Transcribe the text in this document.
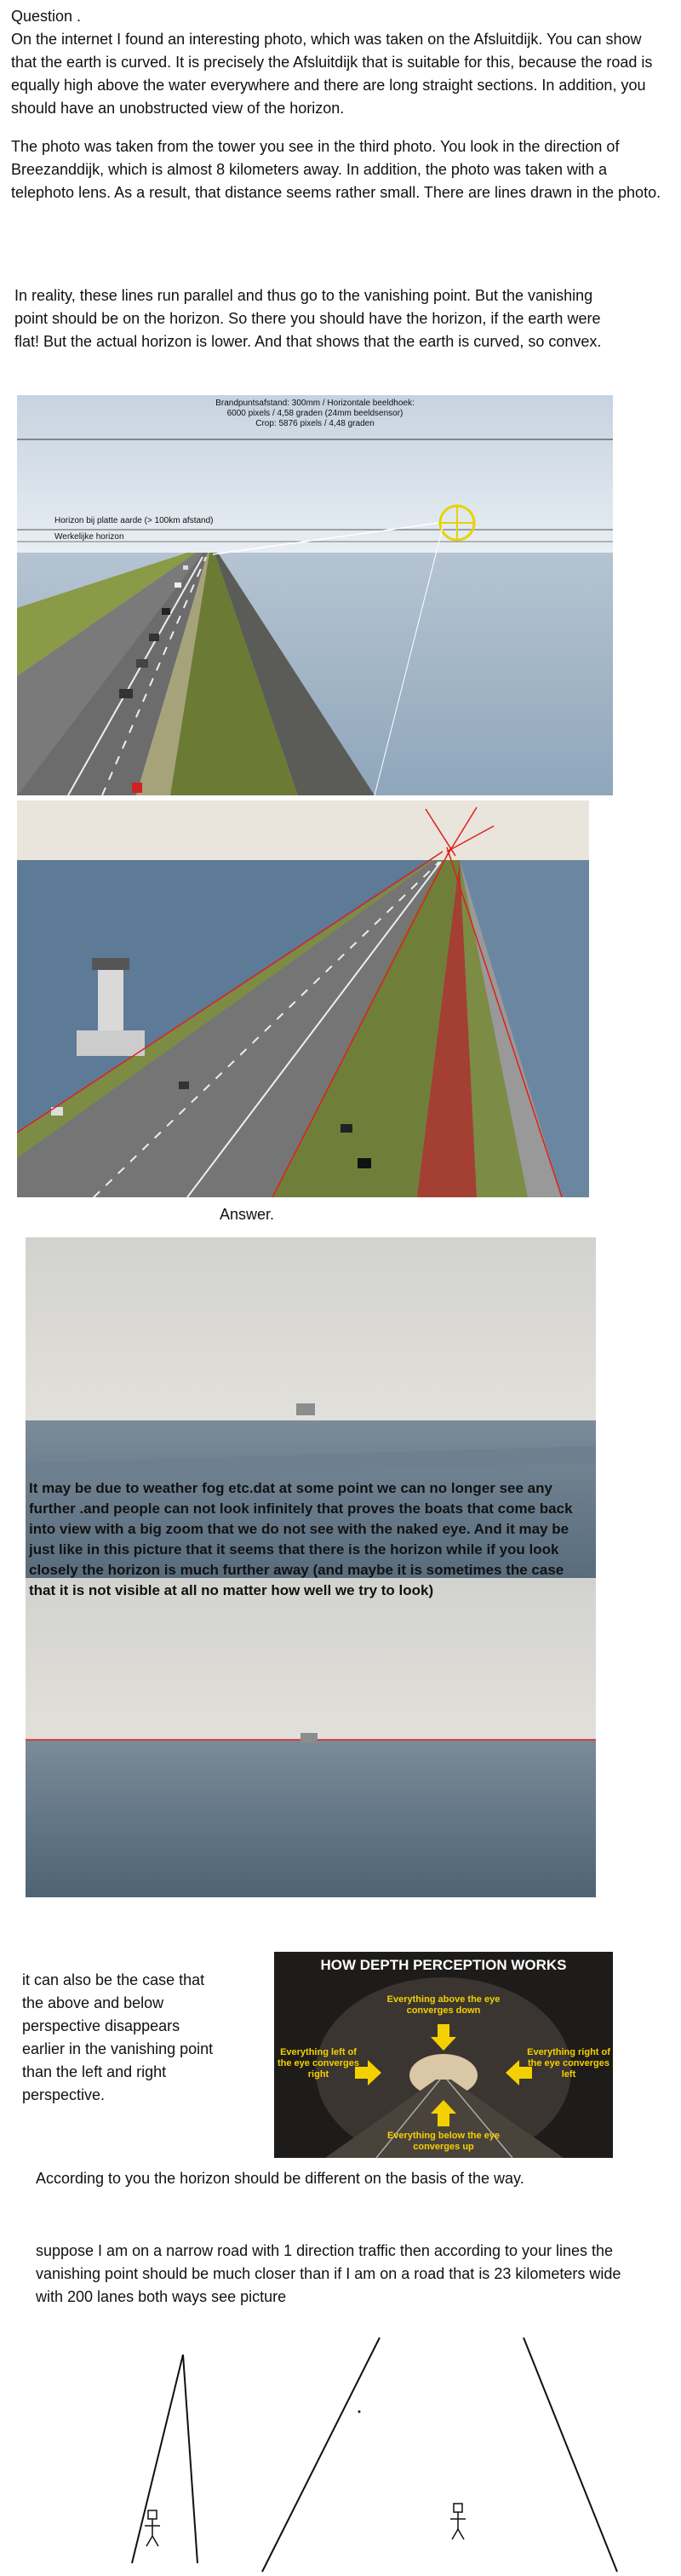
Question .

On the internet I found an interesting photo, which was taken on the Afsluitdijk. You can show that the earth is curved. It is precisely the Afsluitdijk that is suitable for this, because the road is equally high above the water everywhere and there are long straight sections. In addition, you should have an unobstructed view of the horizon.

The photo was taken from the tower you see in the third photo. You look in the direction of Breezanddijk, which is almost 8 kilometers away. In addition, the photo was taken with a telephoto lens. As a result, that distance seems rather small. There are lines drawn in the photo.

In reality, these lines run parallel and thus go to the vanishing point. But the vanishing point should be on the horizon. So there you should have the horizon, if the earth were flat! But the actual horizon is lower. And that shows that the earth is curved, so convex.
Brandpuntsafstand: 300mm / Horizontale beeldhoek:
6000 pixels / 4,58 graden (24mm beeldsensor)
Crop: 5876 pixels / 4,48 graden
Horizon bij platte aarde (> 100km afstand)
Werkelijke horizon
Answer.
It may be due to weather fog etc.dat at some point we can no longer see any further .and people can not look infinitely that proves the boats that come back into view with a big zoom that we do not see with the naked eye. And it may be just like in this picture that it seems that there is the horizon while if you look closely the horizon is much further away (and maybe it is sometimes the case that it is not visible at all no matter how well we try to look)
it can also be the case that the above and below perspective disappears earlier in the vanishing point than the left and right perspective.
HOW DEPTH PERCEPTION WORKS
Everything above the eye converges down
Everything left of the eye converges right
Everything right of the eye converges left
Everything below the eye converges up
According to you the horizon should be different on the basis of the way.
suppose I am on a narrow road with 1 direction traffic then according to your lines the vanishing point should be much closer than if I am on a road that is 23 kilometers wide with 200 lanes both ways see picture
